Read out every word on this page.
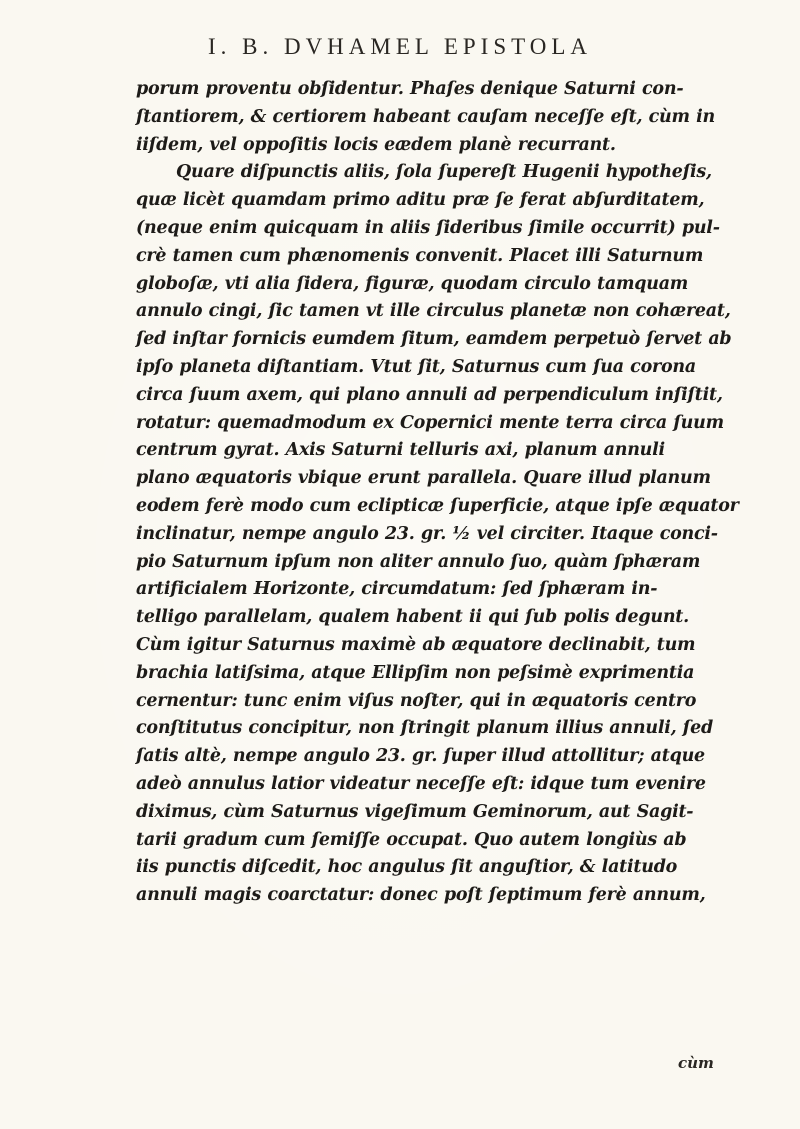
I. B. DVHAMEL EPISTOLA
porum proventu obſidentur. Phaſes denique Saturni con-
ſtantiorem, & certiorem habeant cauſam neceſſe eſt, cùm in
iiſdem, vel oppoſitis locis eædem planè recurrant.
Quare diſpunctis aliis, ſola ſupereſt Hugenii hypotheſis,
quæ licèt quamdam primo aditu præ ſe ferat abſurditatem,
(neque enim quicquam in aliis ſideribus ſimile occurrit) pul-
crè tamen cum phænomenis convenit. Placet illi Saturnum
globoſæ, vti alia ſidera, figuræ, quodam circulo tamquam
annulo cingi, ſic tamen vt ille circulus planetæ non cohæreat,
ſed inſtar fornicis eumdem ſitum, eamdem perpetuò ſervet ab
ipſo planeta diſtantiam. Vtut ſit, Saturnus cum ſua corona
circa ſuum axem, qui plano annuli ad perpendiculum inſiſtit,
rotatur: quemadmodum ex Copernici mente terra circa ſuum
centrum gyrat. Axis Saturni telluris axi, planum annuli
plano æquatoris vbique erunt parallela. Quare illud planum
eodem ferè modo cum eclipticæ ſuperficie, atque ipſe æquator
inclinatur, nempe angulo 23. gr. ½ vel circiter. Itaque conci-
pio Saturnum ipſum non aliter annulo ſuo, quàm ſphæram
artificialem Horizonte, circumdatum: ſed ſphæram in-
telligo parallelam, qualem habent ii qui ſub polis degunt.
Cùm igitur Saturnus maximè ab æquatore declinabit, tum
brachia latiſsima, atque Ellipſim non peſsimè exprimentia
cernentur: tunc enim viſus noſter, qui in æquatoris centro
conſtitutus concipitur, non ſtringit planum illius annuli, ſed
ſatis altè, nempe angulo 23. gr. ſuper illud attollitur; atque
adeò annulus latior videatur neceſſe eſt: idque tum evenire
diximus, cùm Saturnus vigeſimum Geminorum, aut Sagit-
tarii gradum cum ſemiſſe occupat. Quo autem longiùs ab
iis punctis diſcedit, hoc angulus ſit anguſtior, & latitudo
annuli magis coarctatur: donec poſt ſeptimum ferè annum,
cùm
